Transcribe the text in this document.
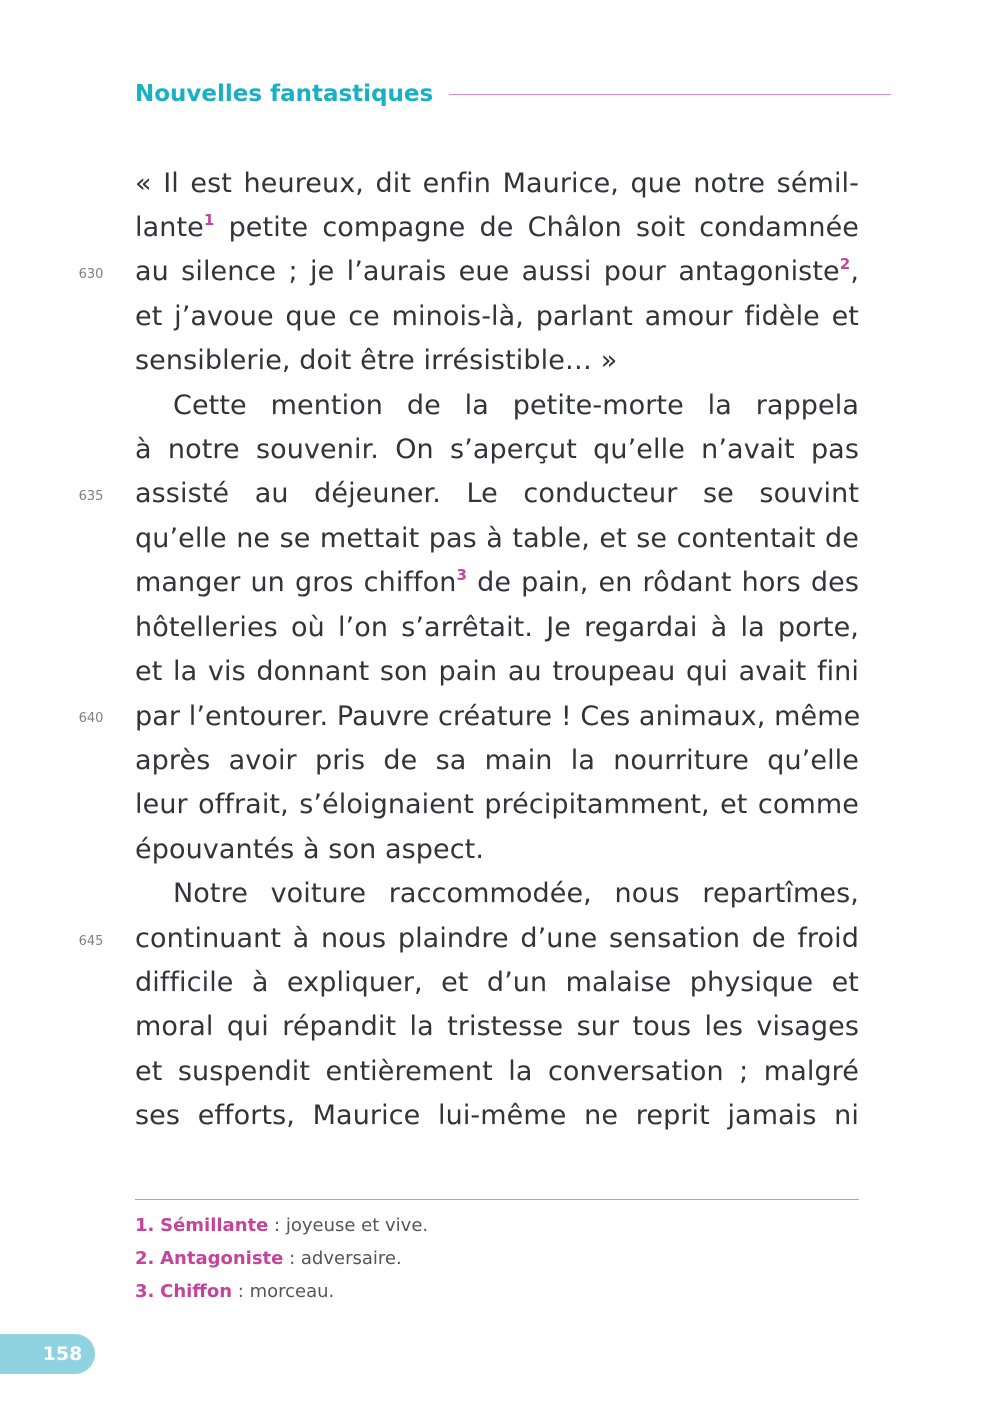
Nouvelles fantastiques
« Il est heureux, dit enfin Maurice, que notre sémil-
lante$^1$ petite compagne de Châlon soit condamnée
au silence ; je l’aurais eue aussi pour antagoniste$^2$,
et j’avoue que ce minois-là, parlant amour fidèle et
sensiblerie, doit être irrésistible… »
Cette mention de la petite-morte la rappela
à notre souvenir. On s’aperçut qu’elle n’avait pas
assisté au déjeuner. Le conducteur se souvint
qu’elle ne se mettait pas à table, et se contentait de
manger un gros chiffon$^3$ de pain, en rôdant hors des
hôtelleries où l’on s’arrêtait. Je regardai à la porte,
et la vis donnant son pain au troupeau qui avait fini
par l’entourer. Pauvre créature ! Ces animaux, même
après avoir pris de sa main la nourriture qu’elle
leur offrait, s’éloignaient précipitamment, et comme
épouvantés à son aspect.
Notre voiture raccommodée, nous repartîmes,
continuant à nous plaindre d’une sensation de froid
difficile à expliquer, et d’un malaise physique et
moral qui répandit la tristesse sur tous les visages
et suspendit entièrement la conversation ; malgré
ses efforts, Maurice lui-même ne reprit jamais ni
630
635
640
645
1. Sémillante : joyeuse et vive.
2. Antagoniste : adversaire.
3. Chiffon : morceau.
158
